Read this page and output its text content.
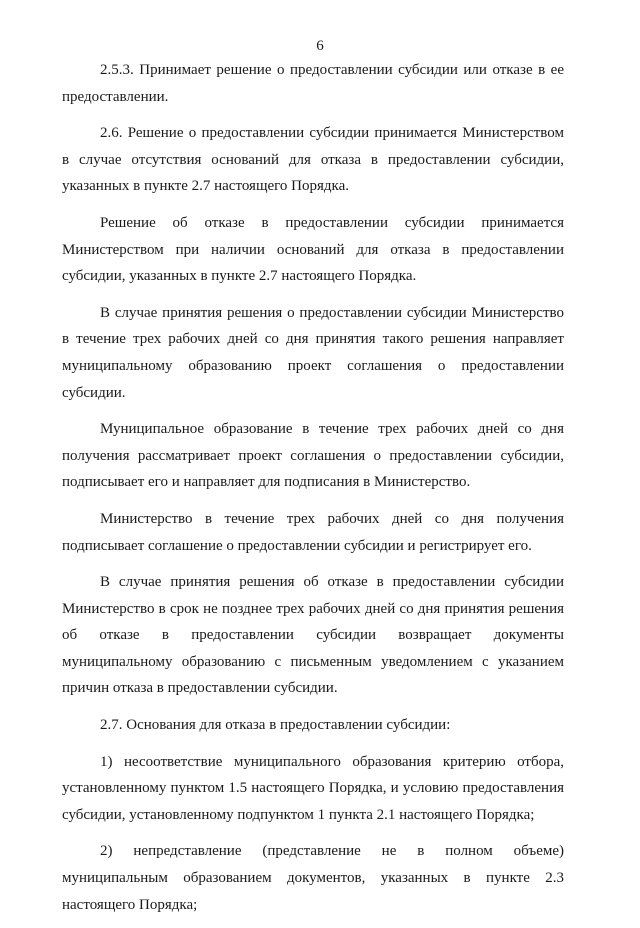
6

2.5.3. Принимает решение о предоставлении субсидии или отказе в ее предоставлении.

2.6. Решение о предоставлении субсидии принимается Министерством в случае отсутствия оснований для отказа в предоставлении субсидии, указанных в пункте 2.7 настоящего Порядка.

Решение об отказе в предоставлении субсидии принимается Министерством при наличии оснований для отказа в предоставлении субсидии, указанных в пункте 2.7 настоящего Порядка.

В случае принятия решения о предоставлении субсидии Министерство в течение трех рабочих дней со дня принятия такого решения направляет муниципальному образованию проект соглашения о предоставлении субсидии.

Муниципальное образование в течение трех рабочих дней со дня получения рассматривает проект соглашения о предоставлении субсидии, подписывает его и направляет для подписания в Министерство.

Министерство в течение трех рабочих дней со дня получения подписывает соглашение о предоставлении субсидии и регистрирует его.

В случае принятия решения об отказе в предоставлении субсидии Министерство в срок не позднее трех рабочих дней со дня принятия решения об отказе в предоставлении субсидии возвращает документы муниципальному образованию с письменным уведомлением с указанием причин отказа в предоставлении субсидии.

2.7. Основания для отказа в предоставлении субсидии:

1) несоответствие муниципального образования критерию отбора, установленному пунктом 1.5 настоящего Порядка, и условию предоставления субсидии, установленному подпунктом 1 пункта 2.1 настоящего Порядка;

2) непредставление (представление не в полном объеме) муниципальным образованием документов, указанных в пункте 2.3 настоящего Порядка;
